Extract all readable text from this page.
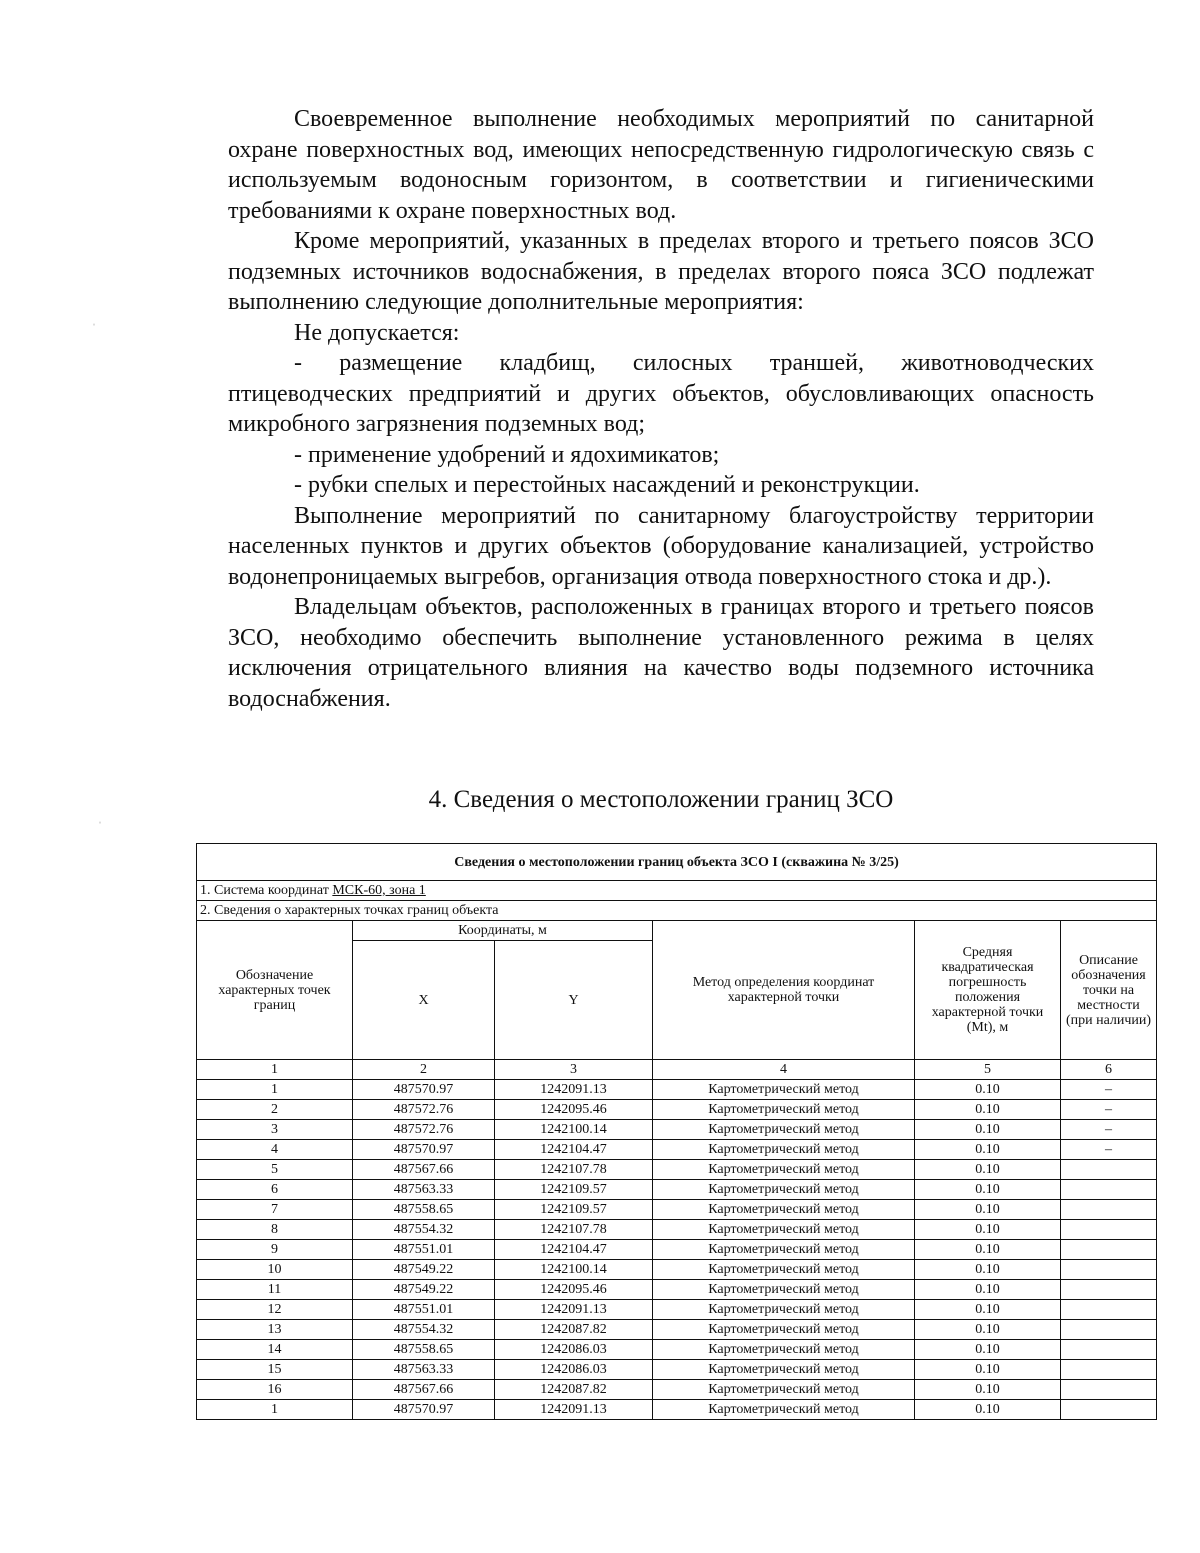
Своевременное выполнение необходимых мероприятий по санитарной охране поверхностных вод, имеющих непосредственную гидрологическую связь с используемым водоносным горизонтом, в соответствии и гигиеническими требованиями к охране поверхностных вод.

Кроме мероприятий, указанных в пределах второго и третьего поясов ЗСО подземных источников водоснабжения, в пределах второго пояса ЗСО подлежат выполнению следующие дополнительные мероприятия:

Не допускается:

- размещение кладбищ, силосных траншей, животноводческих птицеводческих предприятий и других объектов, обусловливающих опасность микробного загрязнения подземных вод;

- применение удобрений и ядохимикатов;

- рубки спелых и перестойных насаждений и реконструкции.

Выполнение мероприятий по санитарному благоустройству территории населенных пунктов и других объектов (оборудование канализацией, устройство водонепроницаемых выгребов, организация отвода поверхностного стока и др.).

Владельцам объектов, расположенных в границах второго и третьего поясов ЗСО, необходимо обеспечить выполнение установленного режима в целях исключения отрицательного влияния на качество воды подземного источника водоснабжения.

4. Сведения о местоположении границ ЗСО
Сведения о местоположении границ объекта ЗСО I (скважина № 3/25)					
1. Система координат МСК-60, зона 1					
2. Сведения о характерных точках границ объекта					
Обозначение характерных точек границ	Координаты, м		Метод определения координат характерной точки	Средняя квадратическая погрешность положения характерной точки (Mt), м	Описание обозначения точки на местности (при наличии)
	X	Y			
1	2	3	4	5	6
1	487570.97	1242091.13	Картометрический метод	0.10	–
2	487572.76	1242095.46	Картометрический метод	0.10	–
3	487572.76	1242100.14	Картометрический метод	0.10	–
4	487570.97	1242104.47	Картометрический метод	0.10	–
5	487567.66	1242107.78	Картометрический метод	0.10	
6	487563.33	1242109.57	Картометрический метод	0.10	
7	487558.65	1242109.57	Картометрический метод	0.10	
8	487554.32	1242107.78	Картометрический метод	0.10	
9	487551.01	1242104.47	Картометрический метод	0.10	
10	487549.22	1242100.14	Картометрический метод	0.10	
11	487549.22	1242095.46	Картометрический метод	0.10	
12	487551.01	1242091.13	Картометрический метод	0.10	
13	487554.32	1242087.82	Картометрический метод	0.10	
14	487558.65	1242086.03	Картометрический метод	0.10	
15	487563.33	1242086.03	Картометрический метод	0.10	
16	487567.66	1242087.82	Картометрический метод	0.10	
1	487570.97	1242091.13	Картометрический метод	0.10	
ˌ
ˌ
